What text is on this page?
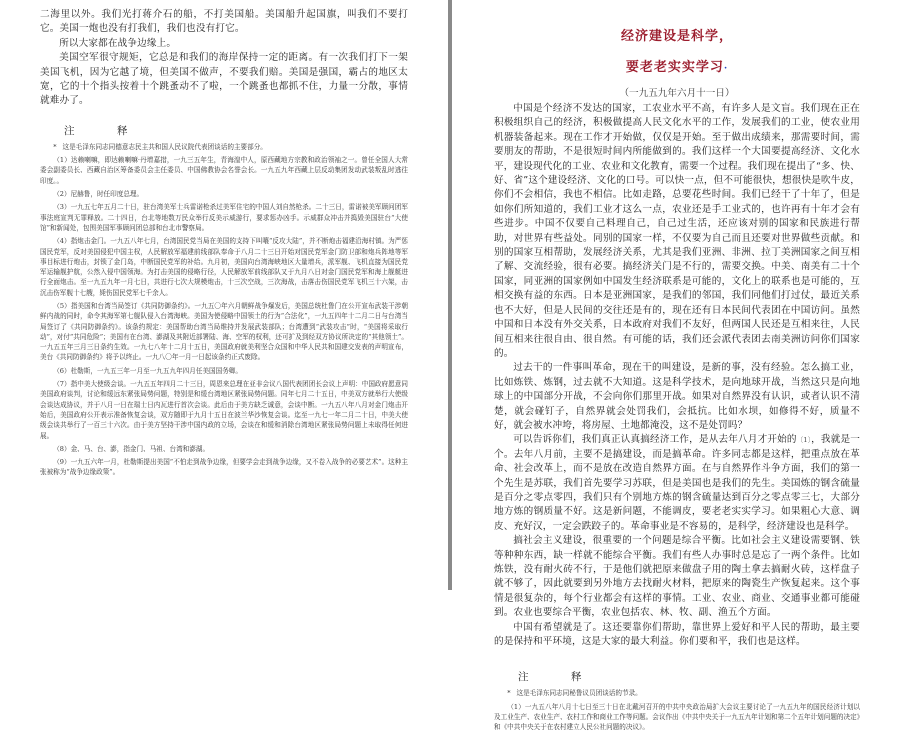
二海里以外。我们光打蒋介石的船，不打美国船。美国船升起国旗，叫我们不要打它。美国一炮也没有打我们，我们也没有打它。

所以大家都在战争边缘上。

美国空军很守规矩，它总是和我们的海岸保持一定的距离。有一次我们打下一架美国飞机，因为它越了境，但美国不做声，不要我们赔。美国是强国，霸占的地区太宽，它的十个指头按着十个跳蚤动不了啦，一个跳蚤也都抓不住，力量一分散，事情就难办了。

注　释

* 这是毛泽东同志同德意志民主共和国人民议院代表团谈话的主要部分。

（1）达赖喇嘛，即达赖喇嘛·丹增嘉措，一九三五年生，青海湟中人，原西藏地方宗教和政治领袖之一。曾任全国人大常委会副委员长、西藏自治区筹备委员会主任委员、中国佛教协会名誉会长。一九五九年西藏上层反动集团发动武装叛乱时逃往印度。。

（2）尼赫鲁，时任印度总理。

（3）一九五七年五月二十日，驻台湾美军士兵雷诺枪杀过美军住宅的中国人刘自然枪杀。二十三日，雷诺被美军顾问团军事法庭宣判无罪释放。二十四日，台北等地数万民众举行反美示威游行，要求惩办凶手。示威群众冲击并捣毁美国驻台“大使馆”和新闻处，包围美国军事顾问团总部和台北市警察局。

（4）指炮击金门。一九五八年七月，台湾国民党当局在美国的支持下叫嚷“反攻大陆”，并不断炮击福建沿海村镇。为严惩国民党军，反对美国侵犯中国主权，人民解放军福建前线部队奉命于八月二十三日开始对国民党军金门防卫部和炮兵阵地等军事目标进行炮击，封锁了金门岛，中断国民党军的补给。九月初，美国向台湾海峡地区大量增兵，派军舰、飞机直接为国民党军运输舰护航，公然入侵中国领海。为打击美国的侵略行径，人民解放军前线部队又于九月八日对金门国民党军和海上舰艇进行全面炮击。至一九五九年一月七日，共进行七次大规模炮击，十三次空战，三次海战，击落击伤国民党军飞机三十六架，击沉击伤军舰十七艘，毙伤国民党军七千余人。

（5）指美国和台湾当局签订《共同防御条约》。一九五〇年六月朝鲜战争爆发后，美国总统杜鲁门在公开宣布武装干涉朝鲜内战的同时，命令其海军第七舰队侵入台湾海峡。美国为使侵略中国领土的行为“合法化”，一九五四年十二月二日与台湾当局签订了《共同防御条约》。该条约规定：美国帮助台湾当局维持并发展武装部队；台湾遭到“武装攻击”时，“美国将采取行动”，对付“共同危险”；美国有在台湾、澎湖及其附近部署陆、海、空军的权利，还可扩及到经双方协议所决定的“其他领土”。一九五五年三月三日条约生效。一九七八年十二月十五日，美国政府就美利坚合众国和中华人民共和国建交发表的声明宣布，美台《共同防御条约》将予以终止。一九八〇年一月一日起该条约正式废除。

（6）杜勒斯，一九五三年一月至一九五九年四月任美国国务卿。

（7）指中美大使级会谈。一九五五年四月二十三日，周恩来总理在亚非会议八国代表团团长会议上声明：中国政府愿意同美国政府谈判，讨论和缓远东紧张局势问题，特别是和缓台湾地区紧张局势问题。同年七月二十五日，中美双方就举行大使级会谈达成协议，并于八月一日在瑞士日内瓦进行首次会谈。此后由于美方缺乏诚意，会谈中断。一九五八年八月对金门炮击开始后，美国政府公开表示准备恢复会谈，双方随即于九月十五日在波兰华沙恢复会谈。迄至一九七一年二月二十日，中美大使级会谈共举行了一百三十六次。由于美方坚持干涉中国内政的立场，会谈在和缓和消除台湾地区紧张局势问题上未取得任何进展。

（8）金、马、台、澎，指金门、马祖、台湾和澎湖。

（9）一九五六年一月，杜勒斯提出美国“不怕走到战争边缘，但要学会走到战争边缘，又不卷入战争的必要艺术”。这种主张被称为“战争边缘政策”。

经济建设是科学，
要老老实实学习·
（一九五九年六月十一日）

中国是个经济不发达的国家，工农业水平不高，有许多人是文盲。我们现在正在积极组织自己的经济，积极做提高人民文化水平的工作，发展我们的工业，使农业用机器装备起来。现在工作才开始做，仅仅是开始。至于做出成绩来，那需要时间，需要朋友的帮助，不是很短时间内所能做到的。我们这样一个大国要提高经济、文化水平，建设现代化的工业、农业和文化教育，需要一个过程。我们现在提出了“多、快、好、省”这个建设经济、文化的口号。可以快一点，但不可能很快，想很快是吹牛皮，你们不会相信，我也不相信。比如走路，总要花些时间。我们已经干了十年了，但是如你们所知道的，我们工业才这么一点，农业还是手工业式的，也许再有十年才会有些进步。中国不仅要自己料理自己，自己过生活，还应该对别的国家和民族进行帮助，对世界有些益处。同别的国家一样，不仅要为自己而且还要对世界做些贡献。和别的国家互相帮助，发展经济关系，尤其是我们亚洲、非洲、拉丁美洲国家之间互相了解、交流经验，很有必要。搞经济关门是不行的，需要交换。中美、南美有二十个国家，同亚洲的国家例如中国发生经济联系是可能的，文化上的联系也是可能的，互相交换有益的东西。日本是亚洲国家，是我们的邻国，我们同他们打过仗，最近关系也不大好，但是人民间的交往还是有的，现在还有日本民间代表团在中国访问。虽然中国和日本没有外交关系，日本政府对我们不友好，但两国人民还是互相来往，人民间互相来往很自由、很自然。有可能的话，我们还会派代表团去南美洲访问你们国家的。

过去干的一件事叫革命，现在干的叫建设，是新的事，没有经验。怎么搞工业，比如炼铁、炼钢，过去就不大知道。这是科学技术，是向地球开战，当然这只是向地球上的中国部分开战，不会向你们那里开战。如果对自然界没有认识，或者认识不清楚，就会碰钉子，自然界就会处罚我们，会抵抗。比如水坝，如修得不好，质量不好，就会被水冲垮，将房屋、土地都淹没，这不是处罚吗？

可以告诉你们，我们真正认真搞经济工作，是从去年八月才开始的〔1〕，我就是一个。去年八月前，主要不是搞建设，而是搞革命。许多同志都是这样，把重点放在革命、社会改革上，而不是放在改造自然界方面。在与自然界作斗争方面，我们的第一个先生是苏联，我们首先要学习苏联，但是美国也是我们的先生。美国炼的钢含硫量是百分之零点零四，我们只有个别地方炼的钢含硫量达到百分之零点零三七，大部分地方炼的钢质量不好。这是新问题，不能调皮，要老老实实学习。如果粗心大意、调皮、充好汉，一定会跌跤子的。革命事业是不容易的，是科学，经济建设也是科学。

搞社会主义建设，很重要的一个问题是综合平衡。比如社会主义建设需要钢、铁等种种东西，缺一样就不能综合平衡。我们有些人办事时总是忘了一两个条件。比如炼铁，没有耐火砖不行，于是他们就把原来做盘子用的陶土拿去搞耐火砖，这样盘子就不够了，因此就要到另外地方去找耐火材料，把原来的陶瓷生产恢复起来。这个事情是很复杂的，每个行业都会有这样的事情。工业、农业、商业、交通事业都可能碰到。农业也要综合平衡，农业包括农、林、牧、副、渔五个方面。

中国有希望就是了。这还要靠你们帮助，靠世界上爱好和平人民的帮助，最主要的是保持和平环境，这是大家的最大利益。你们要和平，我们也是这样。

注　释

* 这是毛泽东同志同秘鲁议员团谈话的节录。

（1）一九五八年八月十七日至三十日在北戴河召开的中共中央政治局扩大会议主要讨论了一九五九年的国民经济计划以及工业生产、农业生产、农村工作和商业工作等问题。会议作出《中共中央关于一九五九年计划和第二个五年计划问题的决定》和《中共中央关于在农村建立人民公社问题的决议》。
